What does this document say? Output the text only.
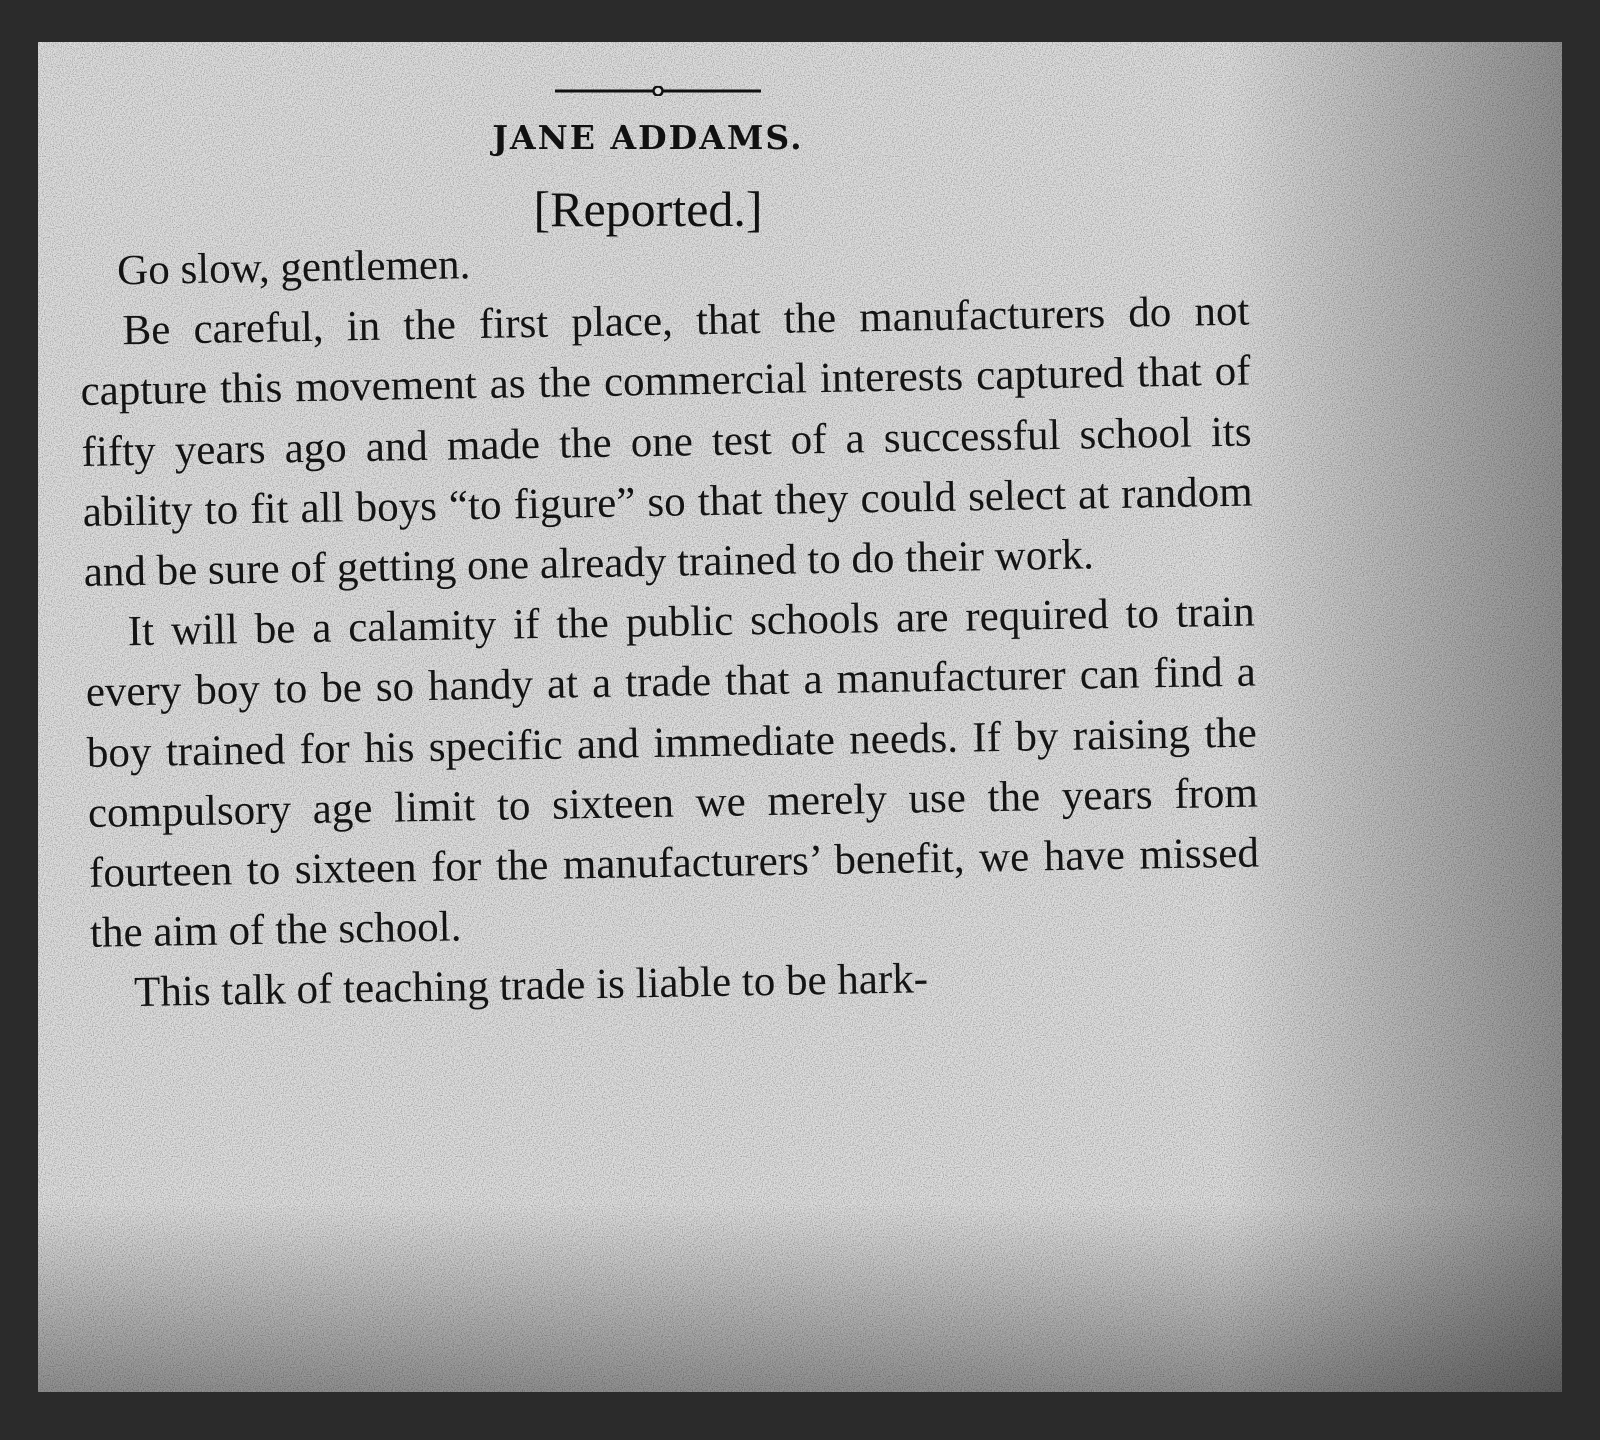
JANE ADDAMS.
[Reported.]

Go slow, gentlemen.

Be careful, in the first place, that the manufacturers do not capture this movement as the commercial interests captured that of fifty years ago and made the one test of a successful school its ability to fit all boys “to figure” so that they could select at random and be sure of getting one already trained to do their work.

It will be a calamity if the public schools are required to train every boy to be so handy at a trade that a manufacturer can find a boy trained for his specific and immediate needs. If by raising the compulsory age limit to sixteen we merely use the years from fourteen to sixteen for the manufacturers’ benefit, we have missed the aim of the school.

This talk of teaching trade is liable to be hark-
